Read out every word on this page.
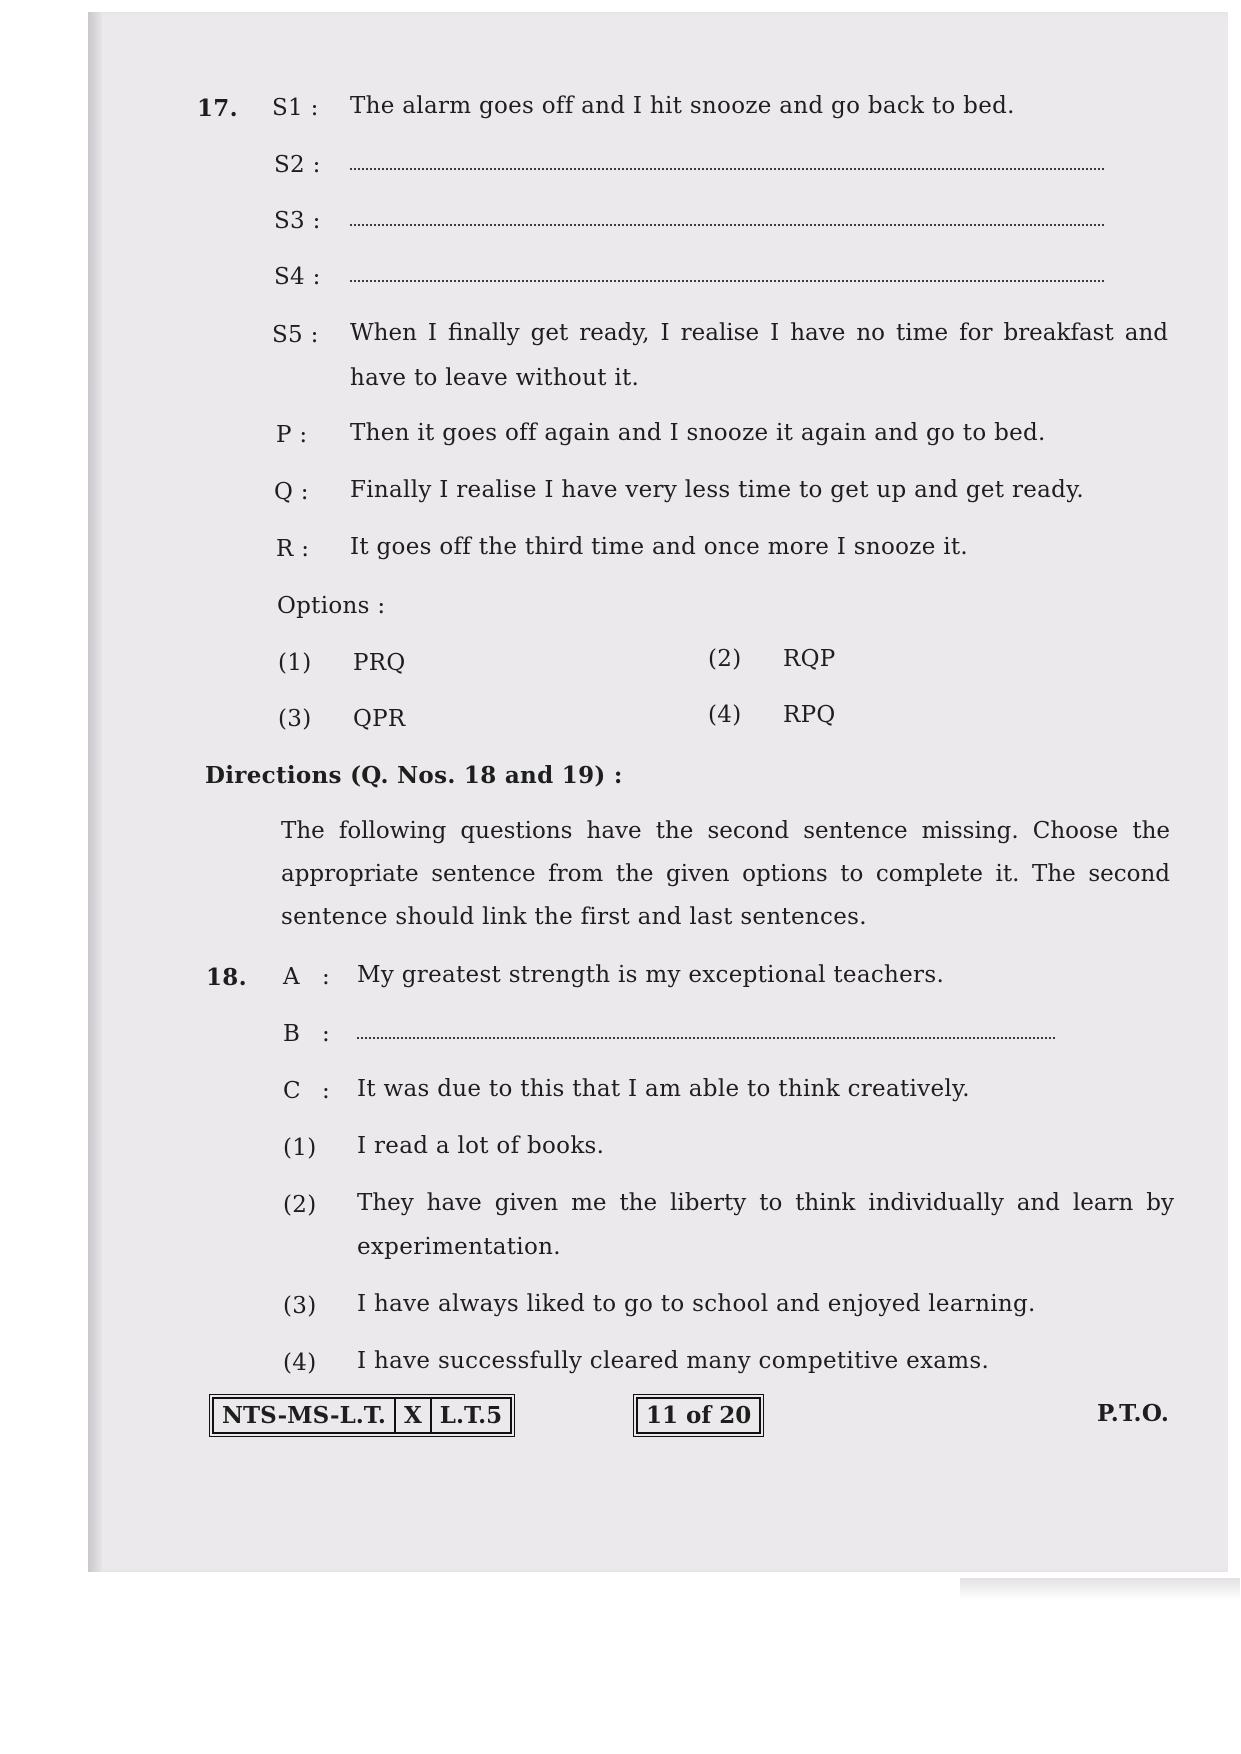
17. S1 : The alarm goes off and I hit snooze and go back to bed.
S2 :
S3 :
S4 :
S5 : When I finally get ready, I realise I have no time for breakfast and
have to leave without it.
P : Then it goes off again and I snooze it again and go to bed.
Q : Finally I realise I have very less time to get up and get ready.
R : It goes off the third time and once more I snooze it.
Options :
(1) PRQ	(2) RQP
(3) QPR	(4) RPQ
Directions (Q. Nos. 18 and 19) :
The following questions have the second sentence missing. Choose the
appropriate sentence from the given options to complete it. The second
sentence should link the first and last sentences.
18. A : My greatest strength is my exceptional teachers.
B :
C : It was due to this that I am able to think creatively.
(1) I read a lot of books.
(2) They have given me the liberty to think individually and learn by
experimentation.
(3) I have always liked to go to school and enjoyed learning.
(4) I have successfully cleared many competitive exams.
NTS-MS-L.T. X L.T.5	11 of 20	P.T.O.
